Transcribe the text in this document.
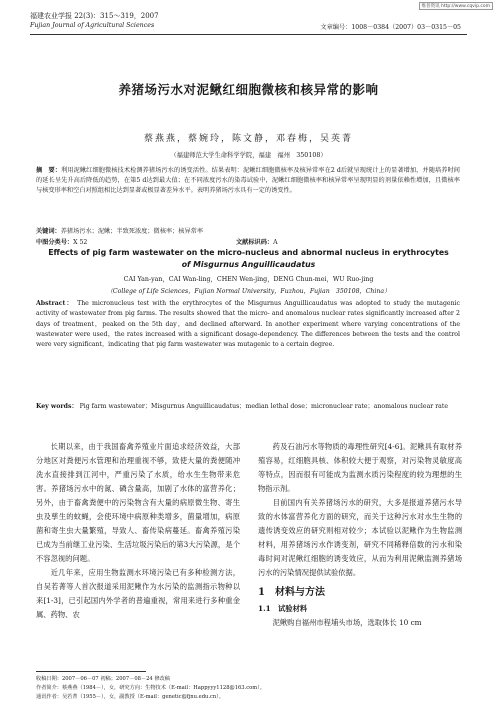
维普资讯 http://www.cqvip.com
福建农业学报 22(3)：315～319，2007
Fujian Journal of Agricultural Sciences	文章编号：1008－0384（2007）03－0315－05
养猪场污水对泥鳅红细胞微核和核异常的影响
蔡燕燕，蔡婉玲，陈文静，邓春梅，吴英菁
（福建师范大学生命科学学院，福建　福州　350108）
摘　要：利用泥鳅红细胞微核技术检测养猪场污水的诱变活性。结果表明：泥鳅红细胞微核率及核异常率在2 d后就呈现统计上的显著增加，并随培养时间的延长呈先升高后降低的趋势，在第5 d达到最大值；在不同浓度污水的染毒试验中，泥鳅红细胞微核率和核异常率呈现明显的剂量依赖性增加，且微核率与核变形率和空白对照组相比达到显著或极显著差异水平。表明养猪场污水具有一定的诱变性。
关键词：养猪场污水；泥鳅；半致死浓度；微核率；核异常率
中图分类号：X 52	文献标识码：A
Effects of pig farm wastewater on the micro-nucleus and abnormal nucleus in erythrocytes
of Misgurnus Anguillicaudatus
CAI Yan-yan，CAI Wan-ling，CHEN Wen-jing，DENG Chun-mei，WU Ruo-jing
（College of Life Sciences，Fujian Normal University，Fuzhou，Fujian　350108，China）
Abstract： The micronucleus test with the erythrocytes of the Misgurnus Anguillicaudatus was adopted to study the mutagenic activity of wastewater from pig farms. The results showed that the micro- and anomalous nuclear rates significantly increased after 2 days of treatment，peaked on the 5th day，and declined afterward. In another experiment where varying concentrations of the wastewater were used，the rates increased with a significant dosage-dependency. The differences between the tests and the control were very significant，indicating that pig farm wastewater was mutagenic to a certain degree.
Key words： Pig farm wastewater；Misgurnus Anguillicaudatus；median lethal dose；micronuclear rate；anomalous nuclear rate

长期以来，由于我国畜禽养殖业片面追求经济效益，大部分地区对粪便污水管理和治理重视不够，致使大量的粪便随冲洗水直接排到江河中，严重污染了水质，给水生生物带来危害。养猪场污水中的氮、磷含量高，加剧了水体的富营养化；另外，由于畜禽粪便中的污染物含有大量的病原微生物、寄生虫及孳生的蚊蝇，会使环境中病原种类增多，菌量增加，病原菌和寄生虫大量繁殖，导致人、畜传染病蔓延。畜禽养殖污染已成为当前继工业污染、生活垃圾污染后的第3大污染源，是个不容忽视的问题。

近几年来，应用生物监测水环境污染已有多种检测方法，自吴若菁等人首次报道采用泥鳅作为水污染的监测指示物种以来[1-3]，已引起国内外学者的普遍重视，常用来进行多种重金属、药物、农

药及石油污水等物质的毒理性研究[4-6]。泥鳅具有取材养殖容易，红细胞具核、体积较大便于观察，对污染物灵敏度高等特点，因而很有可能成为监测水质污染程度的较为理想的生物指示剂。

目前国内有关养猪场污水的研究，大多是报道养猪污水导致的水体富营养化方面的研究，而关于这种污水对水生生物的遗传诱变效应的研究则相对较少；本试验以泥鳅作为生物监测材料，用养猪场污水作诱变剂，研究不同稀释倍数的污水和染毒时间对泥鳅红细胞的诱变效应，从而为利用泥鳅监测养猪场污水的污染情况提供试验依据。

1　材料与方法
1.1　试验材料

泥鳅购自福州市程埔头市场，选取体长 10 cm

收稿日期：2007－06－07 初稿；2007－08－24 修改稿
作者简介：蔡燕燕（1984－），女，研究方向：生物技术（E-mail：Happyyy1128@163.com）。
通讯作者：吴若菁（1955－），女，副教授（E-mail：genetic@fjnu.edu.cn）。
